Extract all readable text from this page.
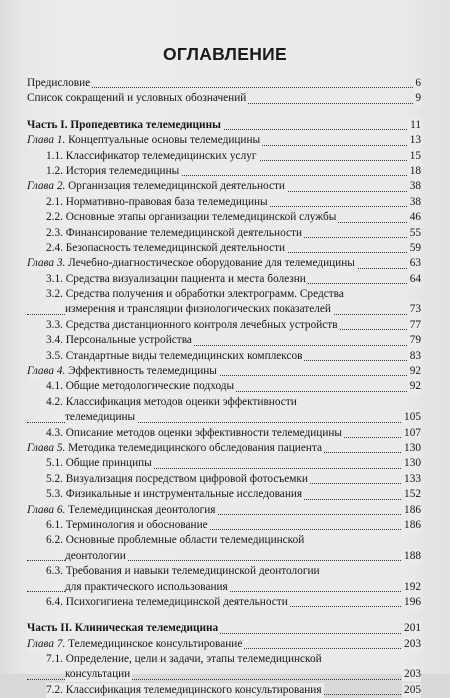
ОГЛАВЛЕНИЕ
Предисловие	6
Список сокращений и условных обозначений	9
Часть I. Пропедевтика телемедицины	11
Глава 1. Концептуальные основы телемедицины	13
1.1. Классификатор телемедицинских услуг	15
1.2. История телемедицины	18
Глава 2. Организация телемедицинской деятельности	38
2.1. Нормативно-правовая база телемедицины	38
2.2. Основные этапы организации телемедицинской службы	46
2.3. Финансирование телемедицинской деятельности	55
2.4. Безопасность телемедицинской деятельности	59
Глава 3. Лечебно-диагностическое оборудование для телемедицины	63
3.1. Средства визуализации пациента и места болезни	64
3.2. Средства получения и обработки электрограмм. Средства
измерения и трансляции физиологических показателей	73
3.3. Средства дистанционного контроля лечебных устройств	77
3.4. Персональные устройства	79
3.5. Стандартные виды телемедицинских комплексов	83
Глава 4. Эффективность телемедицины	92
4.1. Общие методологические подходы	92
4.2. Классификация методов оценки эффективности
телемедицины	105
4.3. Описание методов оценки эффективности телемедицины	107
Глава 5. Методика телемедицинского обследования пациента	130
5.1. Общие принципы	130
5.2. Визуализация посредством цифровой фотосъемки	133
5.3. Физикальные и инструментальные исследования	152
Глава 6. Телемедицинская деонтология	186
6.1. Терминология и обоснование	186
6.2. Основные проблемные области телемедицинской
деонтологии	188
6.3. Требования и навыки телемедицинской деонтологии
для практического использования	192
6.4. Психогигиена телемедицинской деятельности	196
Часть II. Клиническая телемедицина	201
Глава 7. Телемедицинское консультирование	203
7.1. Определение, цели и задачи, этапы телемедицинской
консультации	203
7.2. Классификация телемедицинского консультирования	205
